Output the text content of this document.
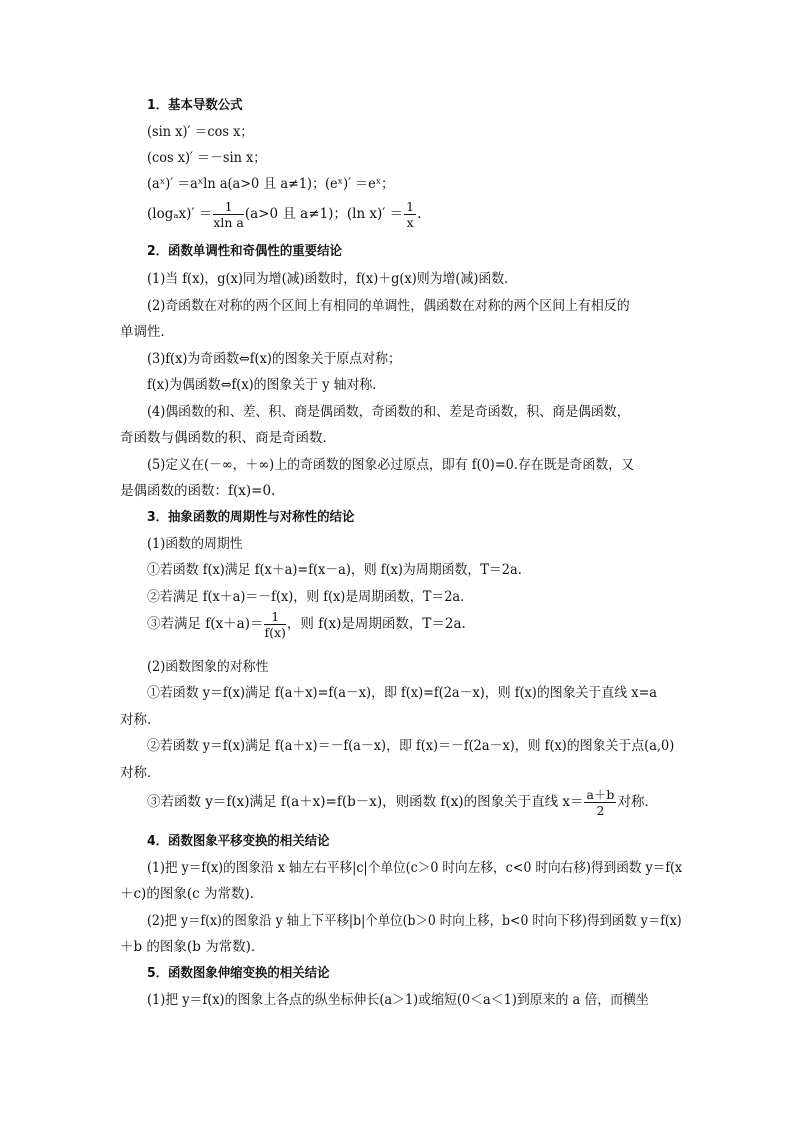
1．基本导数公式
(sin x)′ ＝cos x；
(cos x)′ ＝－sin x；
(aˣ)′ ＝aˣln a(a>0 且 a≠1)；(eˣ)′ ＝eˣ；
$(\log_ax)' = \frac{1}{\text{xln a}} (a>0$ 且 a≠1)；(ln $x)' = \frac{1}{x}$ .
2．函数单调性和奇偶性的重要结论
(1)当 f(x)，g(x)同为增(减)函数时，f(x)＋g(x)则为增(减)函数．
(2)奇函数在对称的两个区间上有相同的单调性，偶函数在对称的两个区间上有相反的
单调性．
(3)f(x)为奇函数⇔f(x)的图象关于原点对称；
f(x)为偶函数⇔f(x)的图象关于 y 轴对称．
(4)偶函数的和、差、积、商是偶函数，奇函数的和、差是奇函数，积、商是偶函数，
奇函数与偶函数的积、商是奇函数．
(5)定义在(－∞，＋∞)上的奇函数的图象必过原点，即有 f(0)=0.存在既是奇函数，又
是偶函数的函数：f(x)=0.
3．抽象函数的周期性与对称性的结论
(1)函数的周期性
①若函数 f(x)满足 f(x＋a)=f(x－a)，则 f(x)为周期函数，T＝2a.
②若满足 f(x＋a)＝－f(x)，则 f(x)是周期函数，T＝2a.
③若满足 $f(x+a)= \frac{1}{f(x)}$ ，则 f(x)是周期函数，T＝2a.
(2)函数图象的对称性
①若函数 y＝f(x)满足 f(a＋x)=f(a－x)，即 f(x)=f(2a－x)，则 f(x)的图象关于直线 x=a
对称．
②若函数 y＝f(x)满足 f(a＋x)＝－f(a－x)，即 f(x)＝－f(2a－x)，则 f(x)的图象关于点(a,0)
对称．
③若函数 y＝f(x)满足 f(a＋x)=f(b－x)，则函数 f(x)的图象关于直线 $x= \frac{a+b}{2}$ 对称．
4．函数图象平移变换的相关结论
(1)把 y＝f(x)的图象沿 x 轴左右平移|c|个单位(c＞0 时向左移，c<0 时向右移)得到函数 y＝f(x
＋c)的图象(c 为常数)．
(2)把 y＝f(x)的图象沿 y 轴上下平移|b|个单位(b＞0 时向上移，b<0 时向下移)得到函数 y＝f(x)
＋b 的图象(b 为常数)．
5．函数图象伸缩变换的相关结论
(1)把 y＝f(x)的图象上各点的纵坐标伸长(a＞1)或缩短(0＜a＜1)到原来的 a 倍，而横坐
